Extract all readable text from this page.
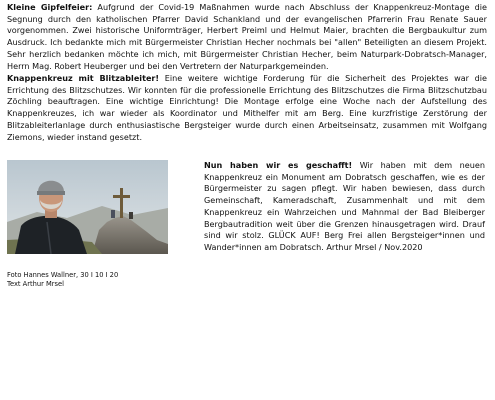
Kleine Gipfelfeier: Aufgrund der Covid-19 Maßnahmen wurde nach Abschluss der Knappenkreuz-Montage die Segnung durch den katholischen Pfarrer David Schankland und der evangelischen Pfarrerin Frau Renate Sauer vorgenommen. Zwei historische Uniformträger, Herbert Preiml und Helmut Maier, brachten die Bergbaukultur zum Ausdruck. Ich bedankte mich mit Bürgermeister Christian Hecher nochmals bei "allen" Beteiligten an diesem Projekt. Sehr herzlich bedanken möchte ich mich, mit Bürgermeister Christian Hecher, beim Naturpark-Dobratsch-Manager, Herrn Mag. Robert Heuberger und bei den Vertretern der Naturparkgemeinden.

Knappenkreuz mit Blitzableiter! Eine weitere wichtige Forderung für die Sicherheit des Projektes war die Errichtung des Blitzschutzes. Wir konnten für die professionelle Errichtung des Blitzschutzes die Firma Blitzschutzbau Zöchling beauftragen. Eine wichtige Einrichtung! Die Montage erfolge eine Woche nach der Aufstellung des Knappenkreuzes, ich war wieder als Koordinator und Mithelfer mit am Berg. Eine kurzfristige Zerstörung der Blitzableiterlanlage durch enthusiastische Bergsteiger wurde durch einen Arbeitseinsatz, zusammen mit Wolfgang Ziemons, wieder instand gesetzt.

Nun haben wir es geschafft! Wir haben mit dem neuen Knappenkreuz ein Monument am Dobratsch geschaffen, wie es der Bürgermeister zu sagen pflegt. Wir haben bewiesen, dass durch Gemeinschaft, Kameradschaft, Zusammenhalt und mit dem Knappenkreuz ein Wahrzeichen und Mahnmal der Bad Bleiberger Bergbautradition weit über die Grenzen hinausgetragen wird. Drauf sind wir stolz. GLÜCK AUF! Berg Frei allen Bergsteiger*innen und Wander*innen am Dobratsch. Arthur Mrsel / Nov.2020

Foto Hannes Wallner, 30 I 10 I 20
Text Arthur Mrsel
